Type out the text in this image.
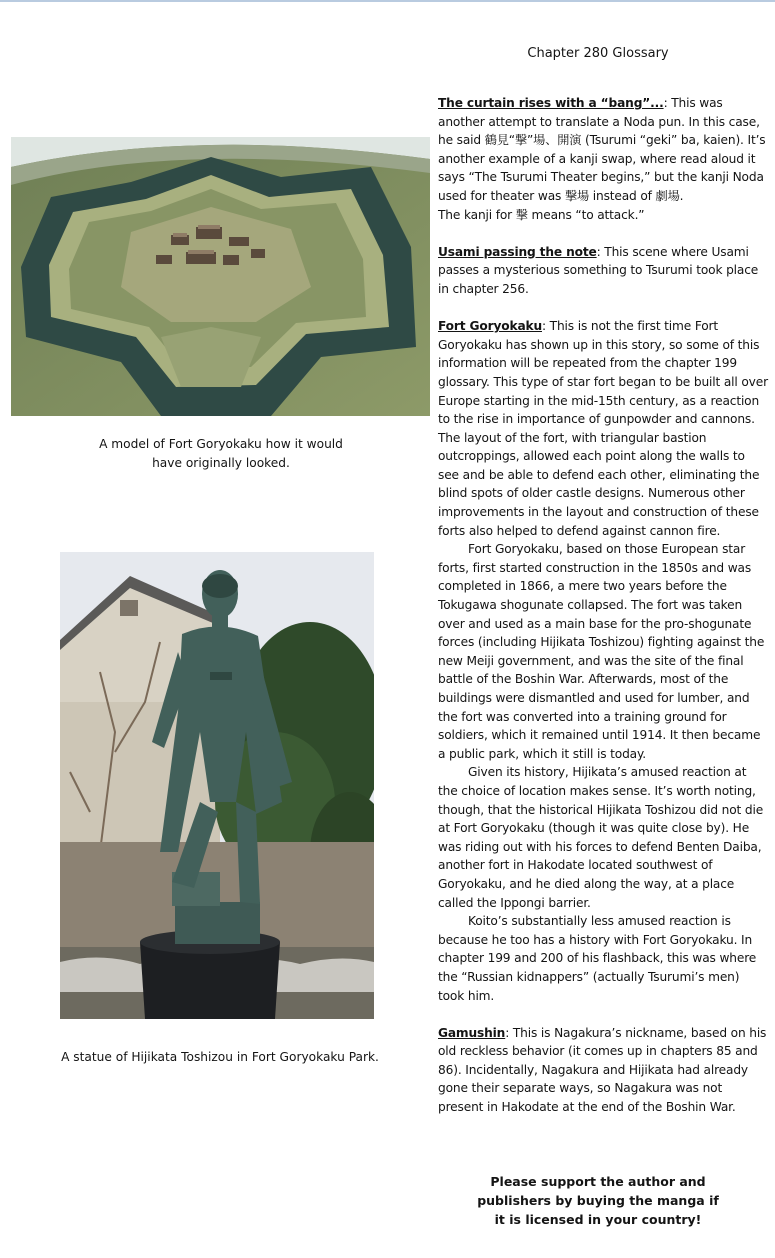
Chapter 280 Glossary
A model of Fort Goryokaku how it would
have originally looked.
A statue of Hijikata Toshizou in Fort Goryokaku Park.

The curtain rises with a “bang”...: This was another attempt to translate a Noda pun. In this case, he said 鶴見“撃”場、開演 (Tsurumi “geki” ba, kaien). It’s another example of a kanji swap, where read aloud it says “The Tsurumi Theater begins,” but the kanji Noda used for theater was 撃場 instead of 劇場.

The kanji for 撃 means “to attack.”

Usami passing the note: This scene where Usami passes a mysterious something to Tsurumi took place in chapter 256.

Fort Goryokaku: This is not the first time Fort Goryokaku has shown up in this story, so some of this information will be repeated from the chapter 199 glossary. This type of star fort began to be built all over Europe starting in the mid-15th century, as a reaction to the rise in importance of gunpowder and cannons. The layout of the fort, with triangular bastion outcroppings, allowed each point along the walls to see and be able to defend each other, eliminating the blind spots of older castle designs. Numerous other improvements in the layout and construction of these forts also helped to defend against cannon fire.

Fort Goryokaku, based on those European star forts, first started construction in the 1850s and was completed in 1866, a mere two years before the Tokugawa shogunate collapsed. The fort was taken over and used as a main base for the pro-shogunate forces (including Hijikata Toshizou) fighting against the new Meiji government, and was the site of the final battle of the Boshin War. Afterwards, most of the buildings were dismantled and used for lumber, and the fort was converted into a training ground for soldiers, which it remained until 1914. It then became a public park, which it still is today.

Given its history, Hijikata’s amused reaction at the choice of location makes sense. It’s worth noting, though, that the historical Hijikata Toshizou did not die at Fort Goryokaku (though it was quite close by). He was riding out with his forces to defend Benten Daiba, another fort in Hakodate located southwest of Goryokaku, and he died along the way, at a place called the Ippongi barrier.

Koito’s substantially less amused reaction is because he too has a history with Fort Goryokaku. In chapter 199 and 200 of his flashback, this was where the “Russian kidnappers” (actually Tsurumi’s men) took him.

Gamushin: This is Nagakura’s nickname, based on his old reckless behavior (it comes up in chapters 85 and 86). Incidentally, Nagakura and Hijikata had already gone their separate ways, so Nagakura was not present in Hakodate at the end of the Boshin War.

Please support the author and
publishers by buying the manga if
it is licensed in your country!
